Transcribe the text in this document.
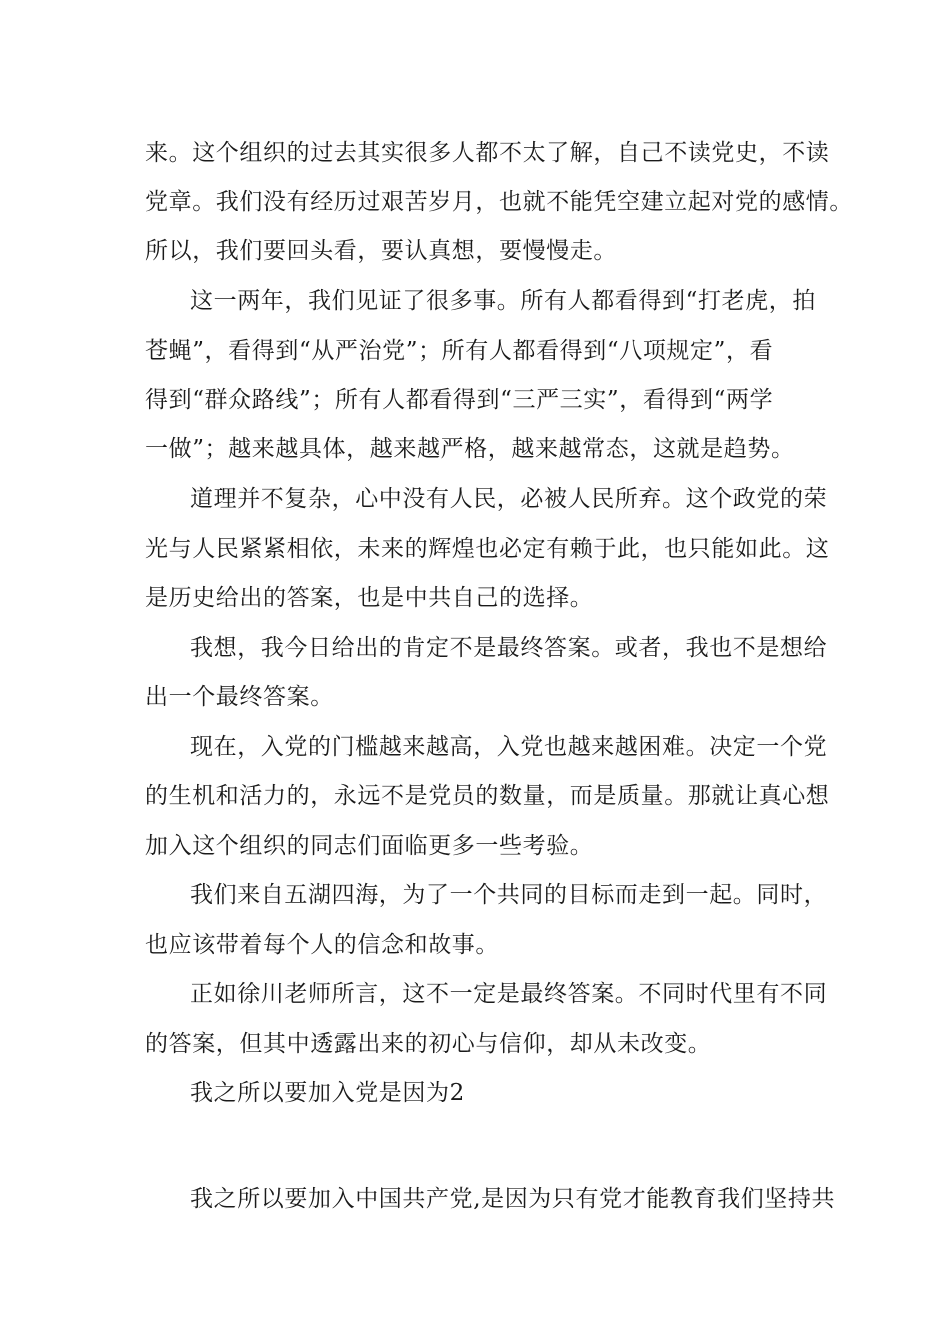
来。这个组织的过去其实很多人都不太了解，自己不读党史，不读
党章。我们没有经历过艰苦岁月，也就不能凭空建立起对党的感情。
所以，我们要回头看，要认真想，要慢慢走。
这一两年，我们见证了很多事。所有人都看得到“打老虎，拍
苍蝇”，看得到“从严治党”；所有人都看得到“八项规定”，看
得到“群众路线”；所有人都看得到“三严三实”，看得到“两学
一做”；越来越具体，越来越严格，越来越常态，这就是趋势。
道理并不复杂，心中没有人民，必被人民所弃。这个政党的荣
光与人民紧紧相依，未来的辉煌也必定有赖于此，也只能如此。这
是历史给出的答案，也是中共自己的选择。
我想，我今日给出的肯定不是最终答案。或者，我也不是想给
出一个最终答案。
现在，入党的门槛越来越高，入党也越来越困难。决定一个党
的生机和活力的，永远不是党员的数量，而是质量。那就让真心想
加入这个组织的同志们面临更多一些考验。
我们来自五湖四海，为了一个共同的目标而走到一起。同时，
也应该带着每个人的信念和故事。
正如徐川老师所言，这不一定是最终答案。不同时代里有不同
的答案，但其中透露出来的初心与信仰，却从未改变。
我之所以要加入党是因为2
我之所以要加入中国共产党,是因为只有党才能教育我们坚持共
